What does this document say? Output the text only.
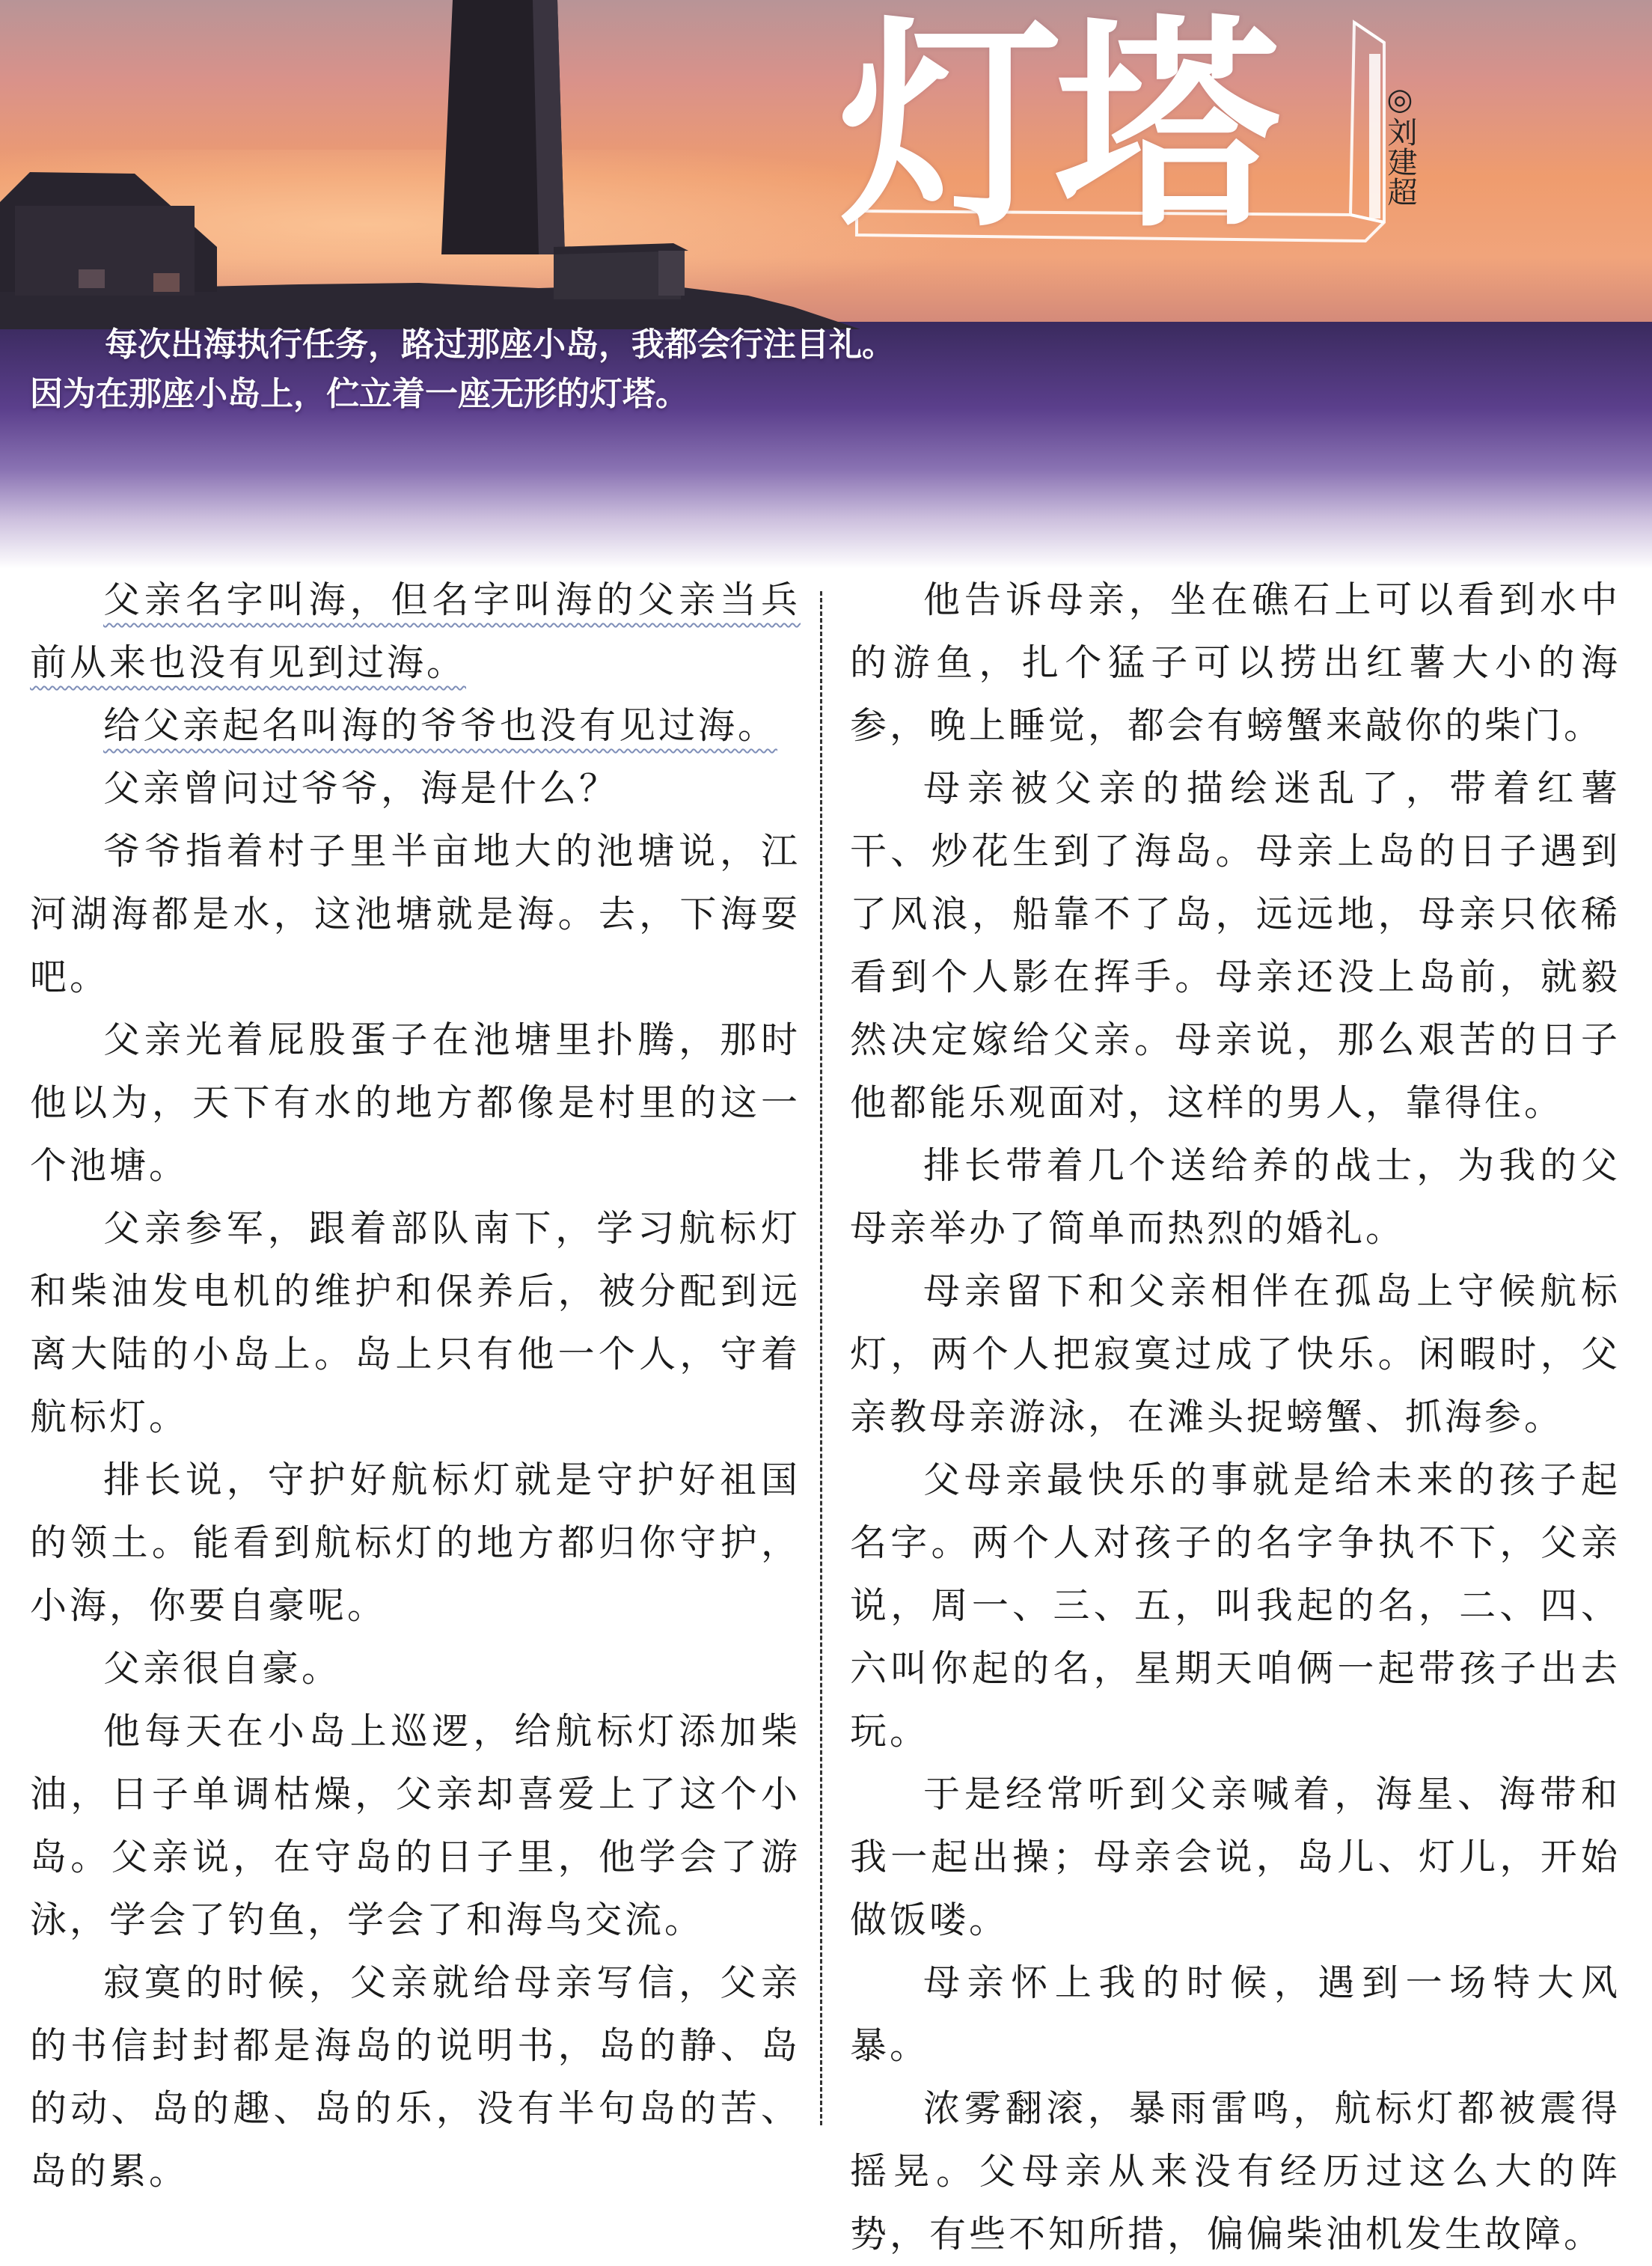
灯塔	◎刘建超
每次出海执行任务，路过那座小岛，我都会行注目礼。
因为在那座小岛上，伫立着一座无形的灯塔。

父亲名字叫海，但名字叫海的父亲当兵前从来也没有见到过海。

给父亲起名叫海的爷爷也没有见过海。

父亲曾问过爷爷，海是什么？

爷爷指着村子里半亩地大的池塘说，江河湖海都是水，这池塘就是海。去，下海耍吧。

父亲光着屁股蛋子在池塘里扑腾，那时他以为，天下有水的地方都像是村里的这一个池塘。

父亲参军，跟着部队南下，学习航标灯和柴油发电机的维护和保养后，被分配到远离大陆的小岛上。岛上只有他一个人，守着航标灯。

排长说，守护好航标灯就是守护好祖国的领土。能看到航标灯的地方都归你守护，小海，你要自豪呢。

父亲很自豪。

他每天在小岛上巡逻，给航标灯添加柴油，日子单调枯燥，父亲却喜爱上了这个小岛。父亲说，在守岛的日子里，他学会了游泳，学会了钓鱼，学会了和海鸟交流。

寂寞的时候，父亲就给母亲写信，父亲的书信封封都是海岛的说明书，岛的静、岛的动、岛的趣、岛的乐，没有半句岛的苦、岛的累。

他告诉母亲，坐在礁石上可以看到水中的游鱼，扎个猛子可以捞出红薯大小的海参，晚上睡觉，都会有螃蟹来敲你的柴门。

母亲被父亲的描绘迷乱了，带着红薯干、炒花生到了海岛。母亲上岛的日子遇到了风浪，船靠不了岛，远远地，母亲只依稀看到个人影在挥手。母亲还没上岛前，就毅然决定嫁给父亲。母亲说，那么艰苦的日子他都能乐观面对，这样的男人，靠得住。

排长带着几个送给养的战士，为我的父母亲举办了简单而热烈的婚礼。

母亲留下和父亲相伴在孤岛上守候航标灯，两个人把寂寞过成了快乐。闲暇时，父亲教母亲游泳，在滩头捉螃蟹、抓海参。

父母亲最快乐的事就是给未来的孩子起名字。两个人对孩子的名字争执不下，父亲说，周一、三、五，叫我起的名，二、四、六叫你起的名，星期天咱俩一起带孩子出去玩。

于是经常听到父亲喊着，海星、海带和我一起出操；母亲会说，岛儿、灯儿，开始做饭喽。

母亲怀上我的时候，遇到一场特大风暴。

浓雾翻滚，暴雨雷鸣，航标灯都被震得摇晃。父母亲从来没有经历过这么大的阵势，有些不知所措，偏偏柴油机发生故障。
